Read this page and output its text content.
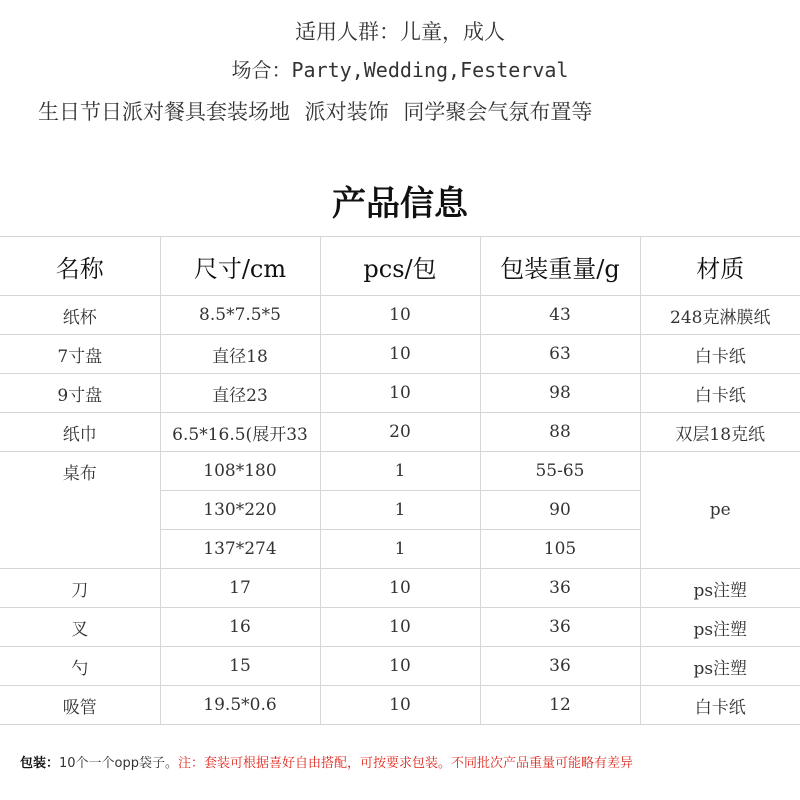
适用人群：儿童，成人
场合：Party,Wedding,Festerval
生日节日派对餐具套装场地 派对装饰 同学聚会气氛布置等
产品信息
名称	尺寸/cm	pcs/包	包装重量/g	材质
纸杯	8.5*7.5*5	10	43	248克淋膜纸
7寸盘	直径18	10	63	白卡纸
9寸盘	直径23	10	98	白卡纸
纸巾	6.5*16.5(展开33	20	88	双层18克纸
桌布	108*180	1	55-65	pe
	130*220	1	90	
	137*274	1	105	
刀	17	10	36	ps注塑
叉	16	10	36	ps注塑
勺	15	10	36	ps注塑
吸管	19.5*0.6	10	12	白卡纸
包装：10个一个opp袋子。注：套装可根据喜好自由搭配，可按要求包装。不同批次产品重量可能略有差异
